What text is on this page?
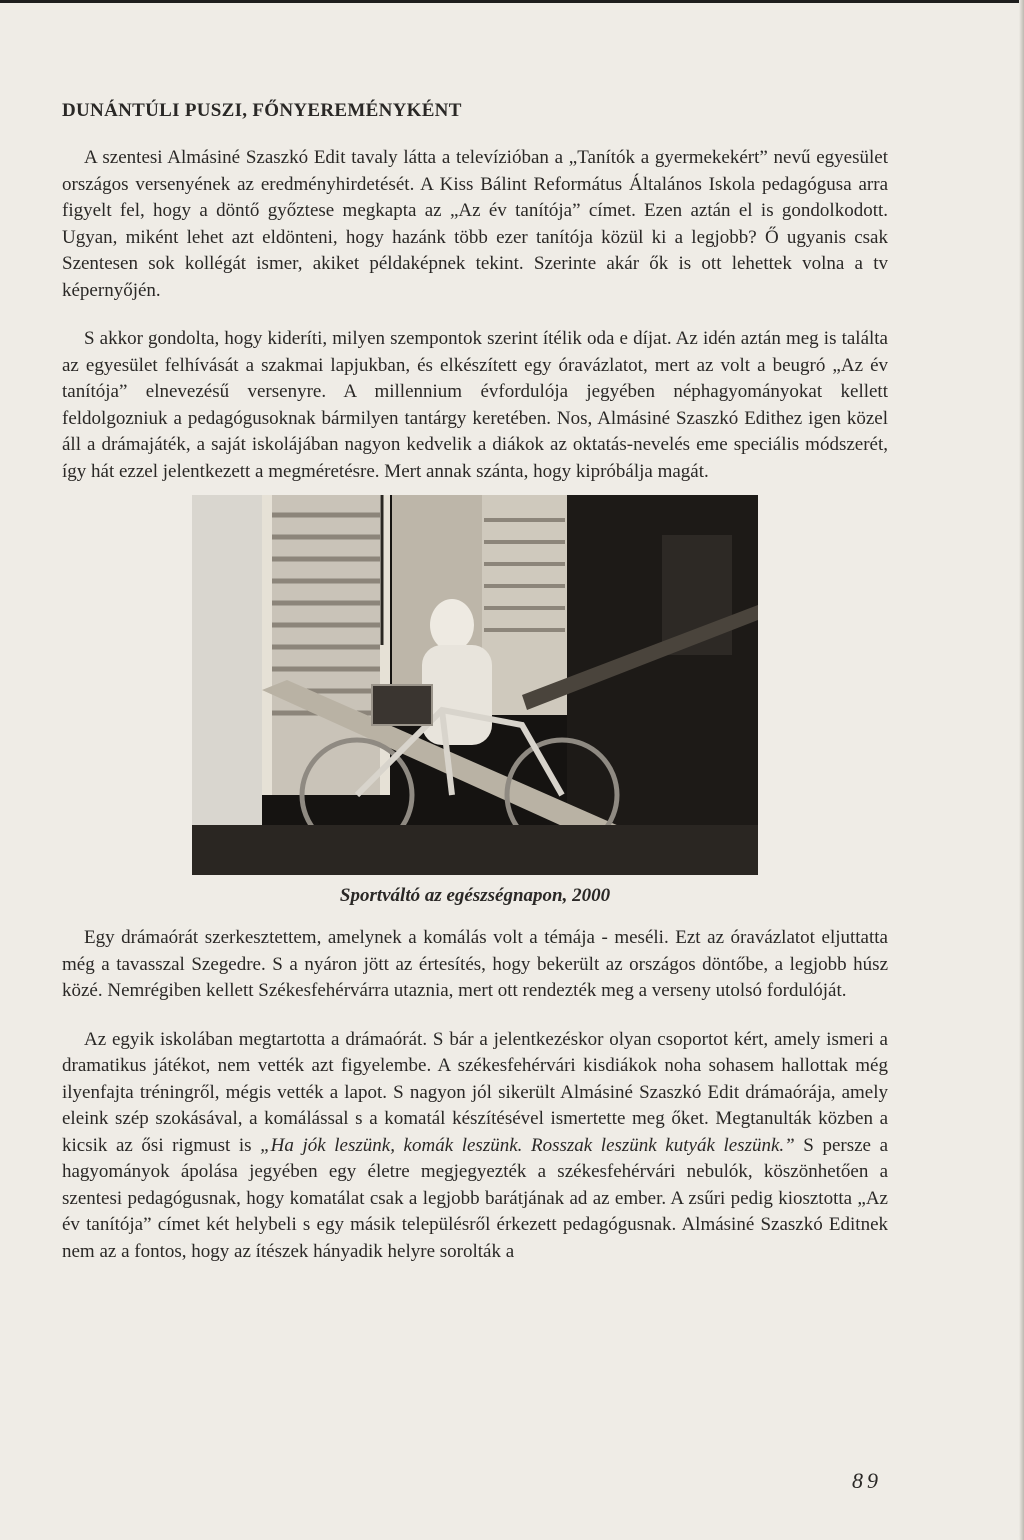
DUNÁNTÚLI PUSZI, FŐNYEREMÉNYKÉNT

A szentesi Almásiné Szaszkó Edit tavaly látta a televízióban a „Tanítók a gyermekekért” nevű egyesület országos versenyének az eredményhirdetését. A Kiss Bálint Református Általános Iskola pedagógusa arra figyelt fel, hogy a döntő győztese megkapta az „Az év tanítója” címet. Ezen aztán el is gondolkodott. Ugyan, miként lehet azt eldönteni, hogy hazánk több ezer tanítója közül ki a legjobb? Ő ugyanis csak Szentesen sok kollégát ismer, akiket példaképnek tekint. Szerinte akár ők is ott lehettek volna a tv képernyőjén.

S akkor gondolta, hogy kideríti, milyen szempontok szerint ítélik oda e díjat. Az idén aztán meg is találta az egyesület felhívását a szakmai lapjukban, és elkészített egy óravázlatot, mert az volt a beugró „Az év tanítója” elnevezésű versenyre. A millennium évfordulója jegyében néphagyományokat kellett feldolgozniuk a pedagógusoknak bármilyen tantárgy keretében. Nos, Almásiné Szaszkó Edithez igen közel áll a drámajáték, a saját iskolájában nagyon kedvelik a diákok az oktatás-nevelés eme speciális módszerét, így hát ezzel jelentkezett a megméretésre. Mert annak szánta, hogy kipróbálja magát.

Sportváltó az egészségnapon, 2000

Egy drámaórát szerkesztettem, amelynek a komálás volt a témája - meséli. Ezt az óravázlatot eljuttatta még a tavasszal Szegedre. S a nyáron jött az értesítés, hogy bekerült az országos döntőbe, a legjobb húsz közé. Nemrégiben kellett Székesfehérvárra utaznia, mert ott rendezték meg a verseny utolsó fordulóját.

Az egyik iskolában megtartotta a drámaórát. S bár a jelentkezéskor olyan csoportot kért, amely ismeri a dramatikus játékot, nem vették azt figyelembe. A székesfehérvári kisdiákok noha sohasem hallottak még ilyenfajta tréningről, mégis vették a lapot. S nagyon jól sikerült Almásiné Szaszkó Edit drámaórája, amely eleink szép szokásával, a komálással s a komatál készítésével ismertette meg őket. Megtanulták közben a kicsik az ősi rigmust is „Ha jók leszünk, komák leszünk. Rosszak leszünk kutyák leszünk.” S persze a hagyományok ápolása jegyében egy életre megjegyezték a székesfehérvári nebulók, köszönhetően a szentesi pedagógusnak, hogy komatálat csak a legjobb barátjának ad az ember. A zsűri pedig kiosztotta „Az év tanítója” címet két helybeli s egy másik településről érkezett pedagógusnak. Almásiné Szaszkó Editnek nem az a fontos, hogy az ítészek hányadik helyre sorolták a

89
